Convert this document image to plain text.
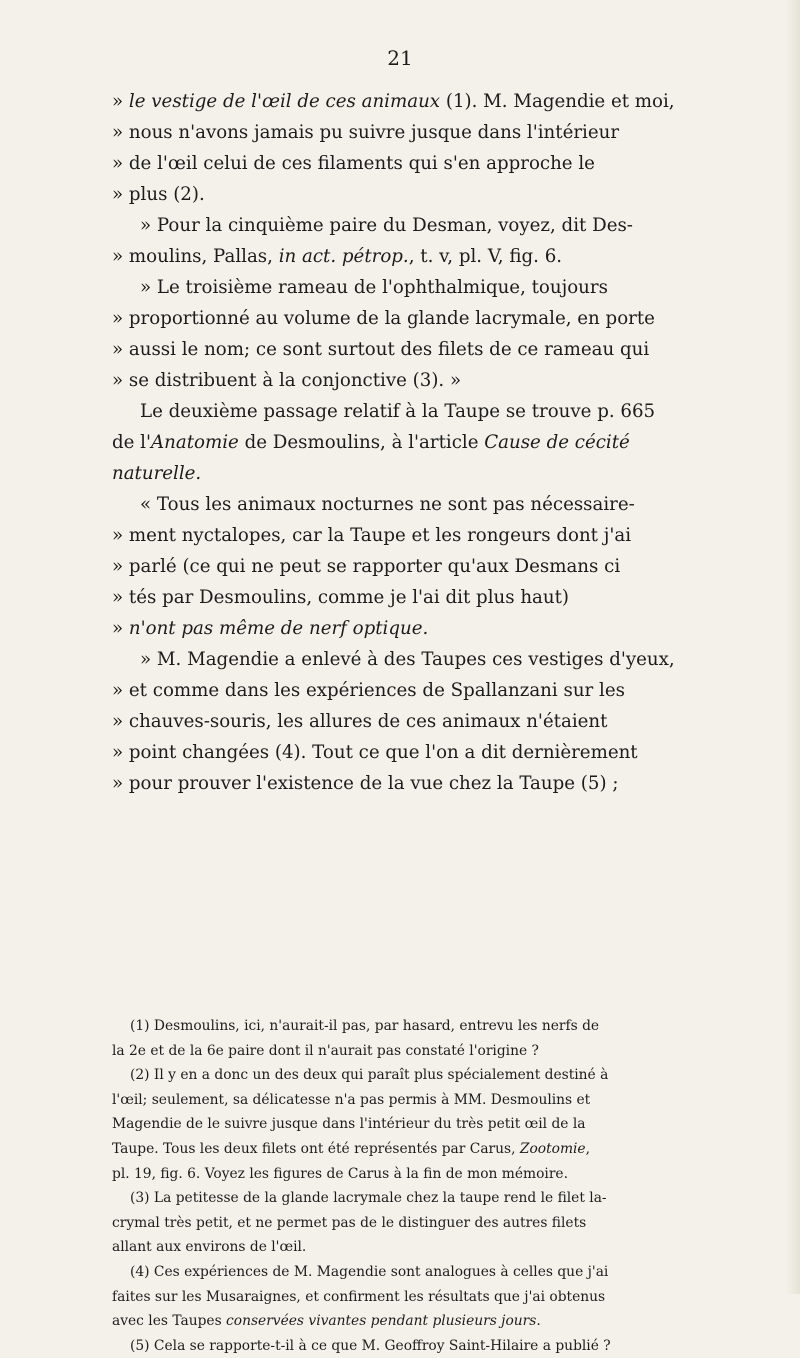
21
» le vestige de l'œil de ces animaux (1). M. Magendie et moi,
» nous n'avons jamais pu suivre jusque dans l'intérieur
» de l'œil celui de ces filaments qui s'en approche le
» plus (2).
» Pour la cinquième paire du Desman, voyez, dit Des-
» moulins, Pallas, in act. pétrop., t. v, pl. V, fig. 6.
» Le troisième rameau de l'ophthalmique, toujours
» proportionné au volume de la glande lacrymale, en porte
» aussi le nom; ce sont surtout des filets de ce rameau qui
» se distribuent à la conjonctive (3). »
Le deuxième passage relatif à la Taupe se trouve p. 665
de l'Anatomie de Desmoulins, à l'article Cause de cécité
naturelle.
« Tous les animaux nocturnes ne sont pas nécessaire-
» ment nyctalopes, car la Taupe et les rongeurs dont j'ai
» parlé (ce qui ne peut se rapporter qu'aux Desmans ci
» tés par Desmoulins, comme je l'ai dit plus haut)
» n'ont pas même de nerf optique.
» M. Magendie a enlevé à des Taupes ces vestiges d'yeux,
» et comme dans les expériences de Spallanzani sur les
» chauves-souris, les allures de ces animaux n'étaient
» point changées (4). Tout ce que l'on a dit dernièrement
» pour prouver l'existence de la vue chez la Taupe (5) ;
(1) Desmoulins, ici, n'aurait-il pas, par hasard, entrevu les nerfs de
la 2e et de la 6e paire dont il n'aurait pas constaté l'origine ?
(2) Il y en a donc un des deux qui paraît plus spécialement destiné à
l'œil; seulement, sa délicatesse n'a pas permis à MM. Desmoulins et
Magendie de le suivre jusque dans l'intérieur du très petit œil de la
Taupe. Tous les deux filets ont été représentés par Carus, Zootomie,
pl. 19, fig. 6. Voyez les figures de Carus à la fin de mon mémoire.
(3) La petitesse de la glande lacrymale chez la taupe rend le filet la-
crymal très petit, et ne permet pas de le distinguer des autres filets
allant aux environs de l'œil.
(4) Ces expériences de M. Magendie sont analogues à celles que j'ai
faites sur les Musaraignes, et confirment les résultats que j'ai obtenus
avec les Taupes conservées vivantes pendant plusieurs jours.
(5) Cela se rapporte-t-il à ce que M. Geoffroy Saint-Hilaire a publié ?
